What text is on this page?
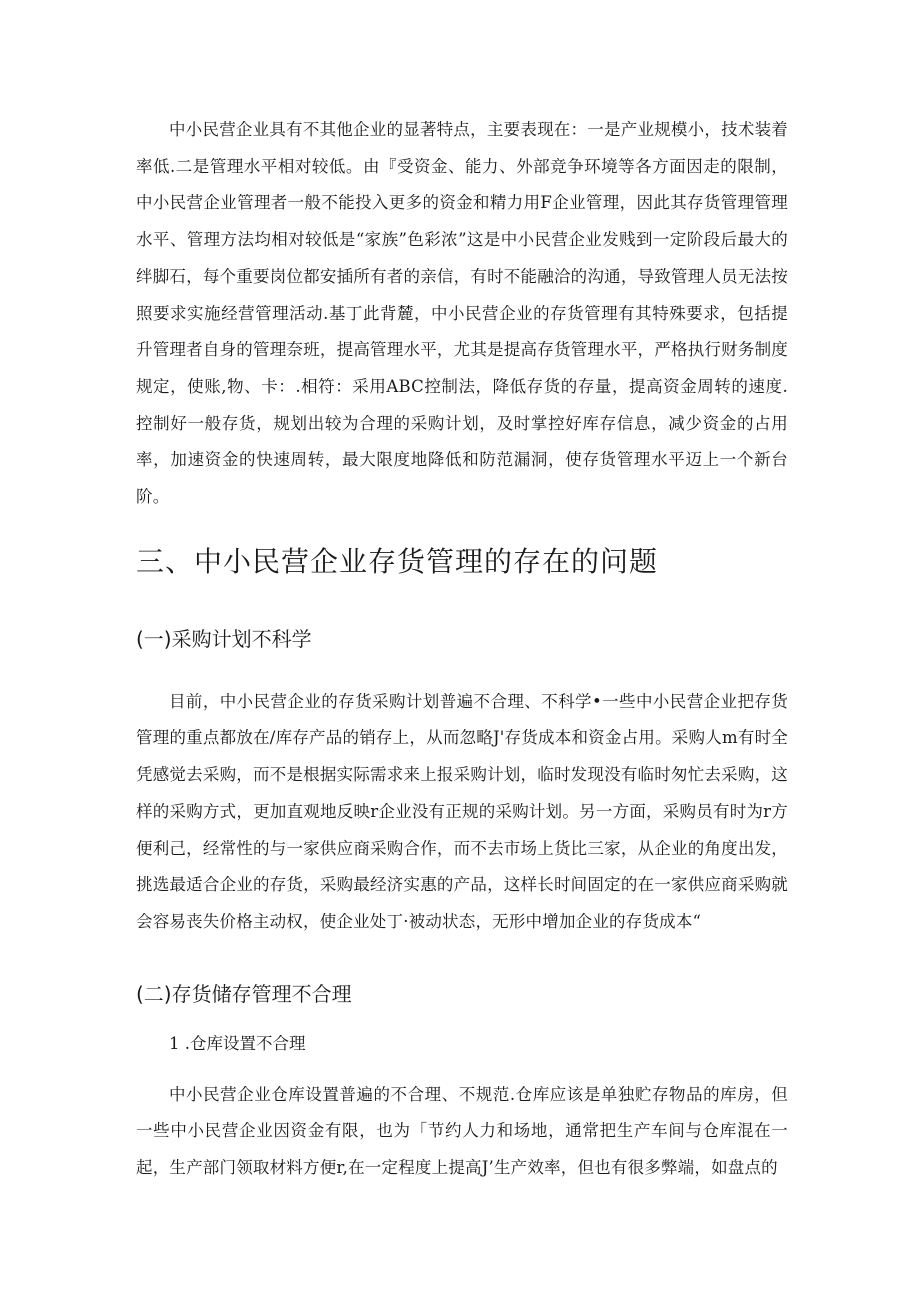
中小民营企业具有不其他企业的显著特点，主要表现在：一是产业规模小，技术装着率低.二是管理水平相对较低。由『受资金、能力、外部竞争环境等各方面因走的限制，中小民营企业管理者一般不能投入更多的资金和精力用F企业管理，因此其存货管理管理水平、管理方法均相对较低是“家族”色彩浓”这是中小民营企业发贱到一定阶段后最大的绊脚石，每个重要岗位都安插所有者的亲信，有时不能融洽的沟通，导致管理人员无法按照要求实施经营管理活动.基丁此背麓，中小民营企业的存货管理有其特殊要求，包括提升管理者自身的管理奈班，提高管理水平，尤其是提高存货管理水平，严格执行财务制度规定，使账,物、卡：.相符：采用ABC控制法，降低存货的存量，提高资金周转的速度.控制好一般存货，规划出较为合理的采购计划，及时掌控好库存信息，减少资金的占用率，加速资金的快速周转，最大限度地降低和防范漏洞，使存货管理水平迈上一个新台阶。

三、中小民营企业存货管理的存在的问题
(一)采购计划不科学

目前，中小民营企业的存货采购计划普遍不合理、不科学•一些中小民营企业把存货管理的重点都放在/库存产品的销存上，从而忽略J'存货成本和资金占用。采购人m有时全凭感觉去采购，而不是根据实际需求来上报采购计划，临时发现没有临时匆忙去采购，这样的采购方式，更加直观地反映r企业没有正规的采购计划。另一方面，采购员有时为r方便利己，经常性的与一家供应商采购合作，而不去市场上货比三家，从企业的角度出发，挑选最适合企业的存货，采购最经济实惠的产品，这样长时间固定的在一家供应商采购就会容易丧失价格主动权，使企业处丁·被动状态，无形中增加企业的存货成本“

(二)存货储存管理不合理

1 .仓库设置不合理

中小民营企业仓库设置普遍的不合理、不规范.仓库应该是单独贮存物品的库房，但一些中小民营企业因资金有限，也为「节约人力和场地，通常把生产车间与仓库混在一起，生产部门领取材料方便r,在一定程度上提高J’生产效率，但也有很多弊端，如盘点的
